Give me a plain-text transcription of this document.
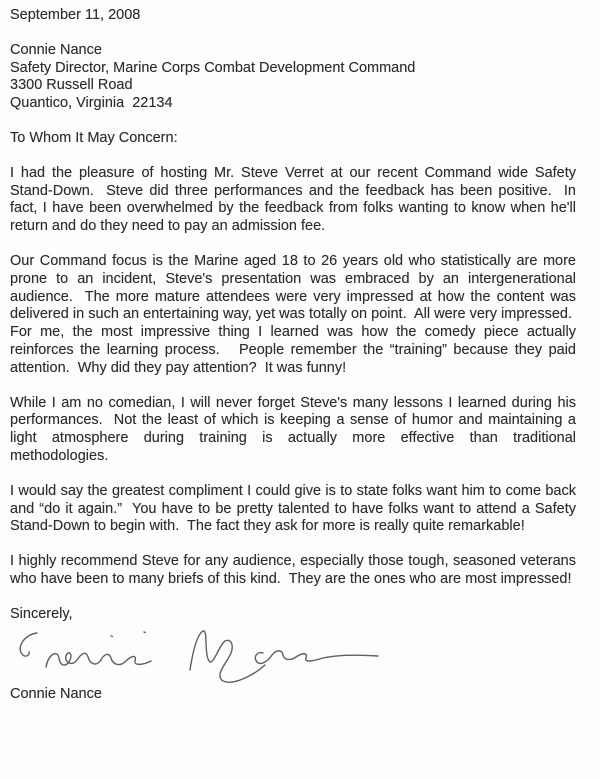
September 11, 2008
Connie Nance
Safety Director, Marine Corps Combat Development Command
3300 Russell Road
Quantico, Virginia  22134
To Whom It May Concern:

I had the pleasure of hosting Mr. Steve Verret at our recent Command wide Safety Stand-Down.  Steve did three performances and the feedback has been positive.  In fact, I have been overwhelmed by the feedback from folks wanting to know when he'll return and do they need to pay an admission fee.

Our Command focus is the Marine aged 18 to 26 years old who statistically are more prone to an incident, Steve's presentation was embraced by an intergenerational audience.  The more mature attendees were very impressed at how the content was delivered in such an entertaining way, yet was totally on point.  All were very impressed.  For me, the most impressive thing I learned was how the comedy piece actually reinforces the learning process.   People remember the “training” because they paid attention.  Why did they pay attention?  It was funny!

While I am no comedian, I will never forget Steve's many lessons I learned during his performances.  Not the least of which is keeping a sense of humor and maintaining a light atmosphere during training is actually more effective than traditional methodologies.

I would say the greatest compliment I could give is to state folks want him to come back and “do it again.”  You have to be pretty talented to have folks want to attend a Safety Stand-Down to begin with.  The fact they ask for more is really quite remarkable!

I highly recommend Steve for any audience, especially those tough, seasoned veterans who have been to many briefs of this kind.  They are the ones who are most impressed!

Sincerely,
Connie Nance
